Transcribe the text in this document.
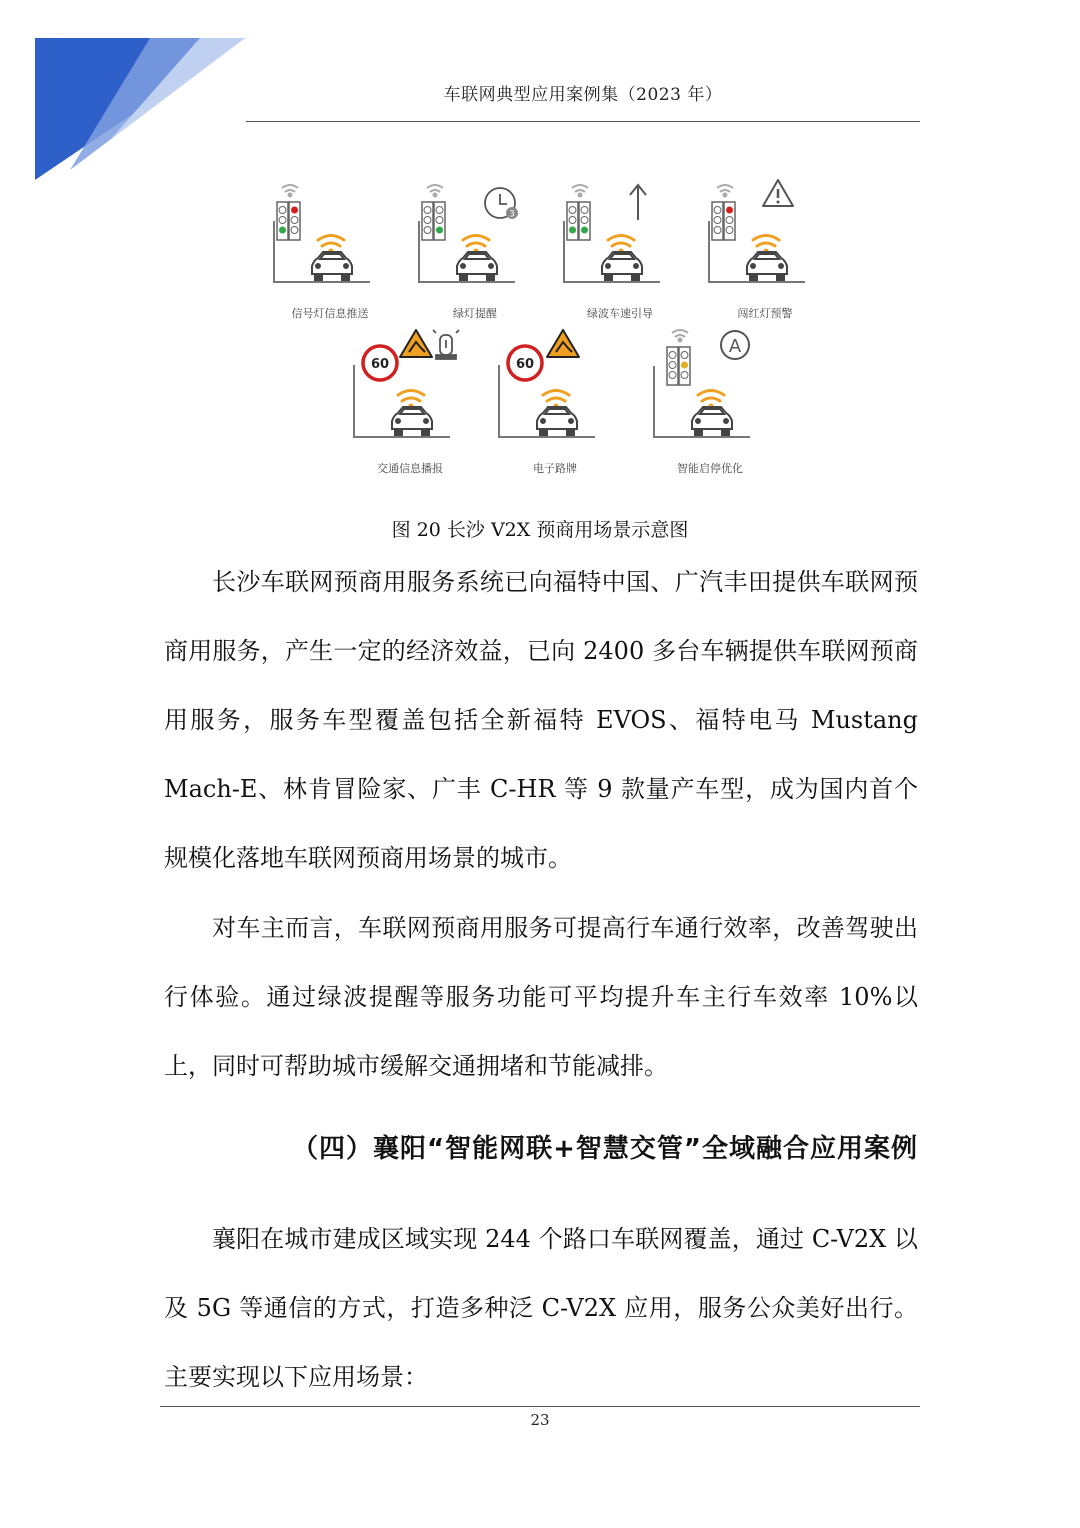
车联网典型应用案例集（2023 年）
信号灯信息推送
3
绿灯提醒	绿波车速引导	闯红灯预警
60
交通信息播报
60
电子路牌
A
智能启停优化
图 20 长沙 V2X 预商用场景示意图

长沙车联网预商用服务系统已向福特中国、广汽丰田提供车联网预商用服务，产生一定的经济效益，已向 2400 多台车辆提供车联网预商用服务，服务车型覆盖包括全新福特 EVOS、福特电马 Mustang Mach-E、林肯冒险家、广丰 C-HR 等 9 款量产车型，成为国内首个规模化落地车联网预商用场景的城市。

对车主而言，车联网预商用服务可提高行车通行效率，改善驾驶出行体验。通过绿波提醒等服务功能可平均提升车主行车效率 10%以上，同时可帮助城市缓解交通拥堵和节能减排。

（四）襄阳“智能网联+智慧交管”全域融合应用案例

襄阳在城市建成区域实现 244 个路口车联网覆盖，通过 C-V2X 以及 5G 等通信的方式，打造多种泛 C-V2X 应用，服务公众美好出行。主要实现以下应用场景：

23
